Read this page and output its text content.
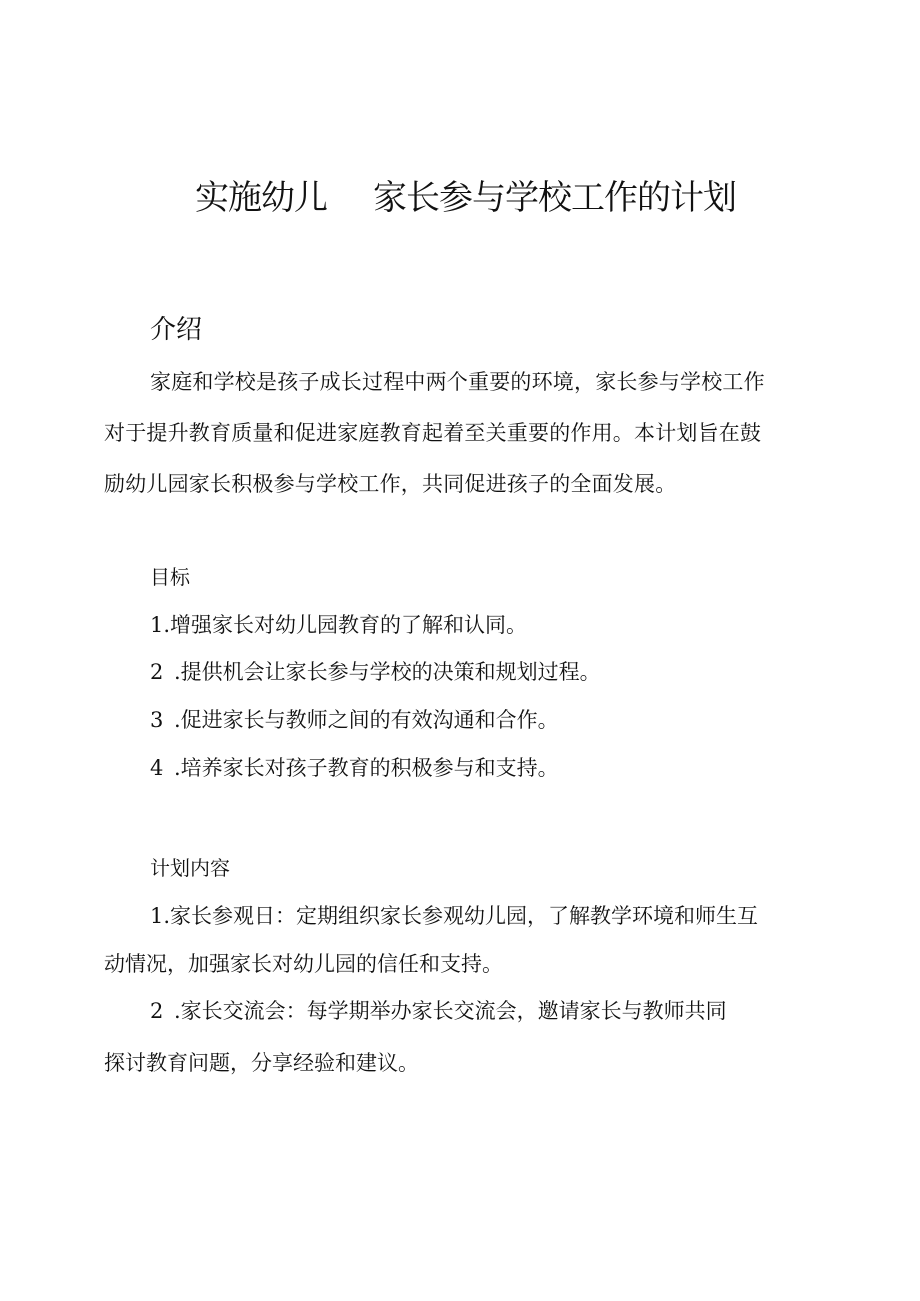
实施幼儿 家长参与学校工作的计划
介绍
家庭和学校是孩子成长过程中两个重要的环境，家长参与学校工作
对于提升教育质量和促进家庭教育起着至关重要的作用。本计划旨在鼓
励幼儿园家长积极参与学校工作，共同促进孩子的全面发展。
目标
1.增强家长对幼儿园教育的了解和认同。
2 .提供机会让家长参与学校的决策和规划过程。
3 .促进家长与教师之间的有效沟通和合作。
4 .培养家长对孩子教育的积极参与和支持。
计划内容
1.家长参观日：定期组织家长参观幼儿园，了解教学环境和师生互
动情况，加强家长对幼儿园的信任和支持。
2 .家长交流会：每学期举办家长交流会，邀请家长与教师共同
探讨教育问题，分享经验和建议。
